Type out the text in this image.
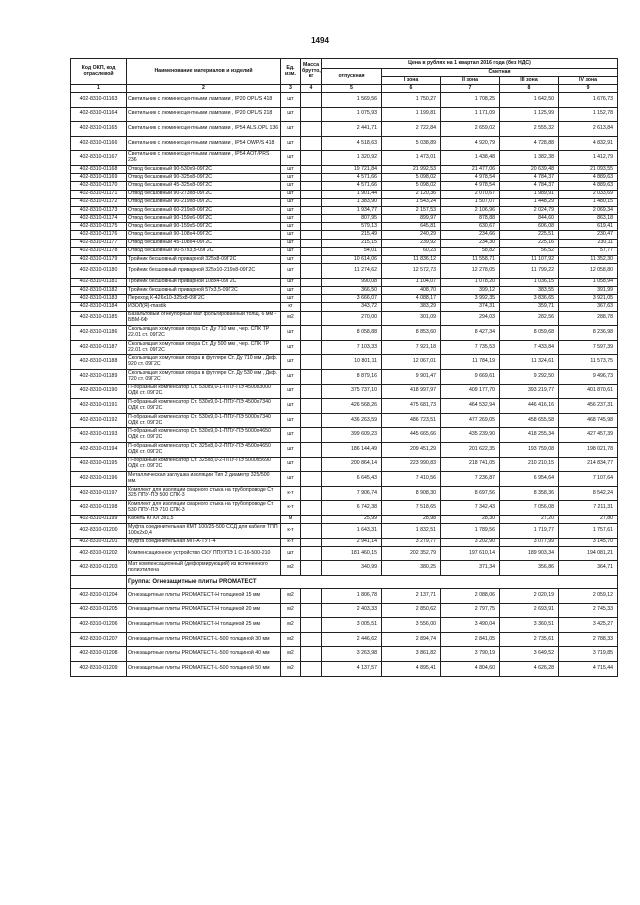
1494
Код ОКП, код отраслевой	Наименование материалов и изделий	Ед. изм.	Масса брутто, кг	Цена в рублях на 1 квартал 2016 года (без НДС)				
				отпускная	Сметная			
					I зона	II зона	III зона	IV зона
1	2	3	4	5	6	7	8	9
402-8310-01163	Светильник с люминесцентными лампами , IP20 OPL/S 418	шт		1 569,56	1 750,27	1 708,25	1 642,50	1 676,73
402-8310-01164	Светильник с люминесцентными лампами , IP20 OPL/S 218	шт		1 075,93	1 199,81	1 171,09	1 125,99	1 152,78
402-8310-01165	Светильник с люминесцентными лампами , IP54 ALS.OPL 136	шт		2 441,71	2 722,84	2 659,02	2 555,32	2 613,84
402-8310-01166	Светильник с люминесцентными лампами , IP54 OWP/S 418	шт		4 518,63	5 038,89	4 920,79	4 728,88	4 832,91
402-8310-01167	Светильник с люминесцентными лампами , IP54 AOT/PRS 236	шт		1 320,92	1 473,01	1 438,48	1 382,38	1 412,79
402-8310-01168	Отвод бесшовный 90-530х9-09Г2С	шт		19 721,84	21 992,53	21 477,06	20 639,48	21 093,55
402-8310-01169	Отвод бесшовный 90-325х8-09Г2С	шт		4 571,66	5 098,02	4 978,54	4 784,37	4 889,63
402-8310-01170	Отвод бесшовный 45-325х8-09Г2С	шт		4 571,66	5 098,02	4 978,54	4 784,37	4 889,63
402-8310-01171	Отвод бесшовный 90-273х8-09Г2С	шт		1 901,44	2 120,36	2 070,67	1 989,91	2 033,69
402-8310-01172	Отвод бесшовный 90-219х8-09Г2С	шт		1 383,90	1 543,24	1 507,07	1 448,29	1 480,15
402-8310-01173	Отвод бесшовный 60-219х8-09Г2С	шт		1 934,77	2 157,53	2 106,96	2 024,79	2 069,34
402-8310-01174	Отвод бесшовный 90-159х6-09Г2С	шт		807,95	899,97	878,88	844,60	863,18
402-8310-01175	Отвод бесшовный 90-159х5-09Г2С	шт		579,13	645,81	630,67	606,08	619,41
402-8310-01176	Отвод бесшовный 90-108х4-09Г2С	шт		215,49	240,29	234,66	225,51	230,47
402-8310-01177	Отвод бесшовный 45-108х4-09Г2С	шт		215,15	239,92	234,30	225,16	230,11
402-8310-01178	Отвод бесшовный 90-57х3,5-09Г2С	шт		54,01	60,23	58,82	56,52	57,77
402-8310-01179	Тройник бесшовный приварной 325х8-09Г2С	шт		10 614,06	11 836,12	11 558,71	11 107,92	11 352,30
402-8310-01180	Тройник бесшовный приварной 325х10-219х8-09Г2С	шт		11 274,62	12 572,73	12 278,05	11 799,22	12 058,80
402-8310-01181	Тройник бесшовный приварной 108х4-09Г2С	шт		990,08	1 104,07	1 078,20	1 036,15	1 058,94
402-8310-01182	Тройник бесшовный приварной 57х3,5-09Г2С	шт		366,50	408,70	399,12	383,55	391,99
402-8310-01183	Переход К-426х10-325х8-09Г2С	шт		3 666,07	4 088,17	3 992,35	3 836,65	3 921,05
402-8310-01184	ИЗОЛ(Я)-mastik	кг		343,72	383,29	374,31	359,71	367,63
402-8310-01185	Базальтовый огнеупорный мат фольгированный толщ. 6 мм - БВМ-6Ф	м2		270,00	301,09	294,03	282,56	288,78
402-8310-01186	Скользящая хомутовая опора Ст. Ду 710 мм , чер. СПК ТР 22.01 ст. 09Г2С	шт		8 058,88	8 853,60	8 427,34	8 059,68	8 236,98
402-8310-01187	Скользящая хомутовая опора Ст. Ду 500 мм , чер. СПК ТР 22.01 ст. 09Г2С	шт		7 103,33	7 921,18	7 735,53	7 433,84	7 597,39
402-8310-01188	Скользящая хомутовая опора в футляре Ст. Ду 710 мм , Дкф. 920 ст. 09Г2С	шт		10 801,11	12 067,01	11 784,19	11 324,61	11 573,75
402-8310-01189	Скользящая хомутовая опора в футляре Ст. Ду 530 мм , Дкф. 720 ст. 09Г2С	шт		8 879,16	9 901,47	9 669,61	9 292,50	9 496,73
402-8310-01190	П-образный компенсатор Ст. 530х9,0-1-ППУ-ПЭ 4500х3000 ОДК ст. 09Г2С	шт		375 737,10	418 997,97	409 177,70	393 219,77	401 870,61
402-8310-01191	П-образный компенсатор Ст. 530х9,0-1-ППУ-ПЭ 4500х7340 ОДК ст. 09Г2С	шт		426 568,26	475 681,73	464 532,94	446 416,16	456 237,31
402-8310-01192	П-образный компенсатор Ст. 530х9,0-1-ППУ-ПЭ 5000х7340 ОДК ст. 09Г2С	шт		436 263,59	486 723,51	477 269,05	458 655,58	468 745,98
402-8310-01193	П-образный компенсатор Ст. 530х9,0-1-ППУ-ПЭ 5000х4650 ОДК ст. 09Г2С	шт		399 609,23	445 665,66	435 239,90	418 255,34	427 457,39
402-8310-01194	П-образный компенсатор Ст. 325х8,0-2-ППУ-ПЭ 4500х4650 ОДК ст. 09Г2С	шт		186 144,49	209 451,29	201 622,35	193 759,08	198 021,78
402-8310-01195	П-образный компенсатор Ст. 325х8,0-2-ППУ-ПЭ 5000х5690 ОДК ст. 09Г2С	шт		200 864,14	223 990,83	218 741,05	210 210,15	214 834,77
402-8310-01196	Металлическая заглушка изоляции Тип 2 диаметр 325/500 мм.	шт		6 645,43	7 410,56	7 236,87	6 954,64	7 107,64
402-8310-01197	Комплект для изоляции сварного стыка на трубопроводе Ст 325 ППУ-ПЭ 500 СПК-3	к-т		7 906,74	8 908,30	8 697,56	8 358,36	8 542,24
402-8310-01198	Комплект для изоляции сварного стыка на трубопроводе Ст 530 ППУ-ПЭ 710 СПК-3	к-т		6 742,38	7 518,65	7 342,43	7 056,08	7 211,31
402-8310-01199	Кабель КГХЛ 3х1,5	м		25,99	28,98	28,30	27,20	27,80
402-8310-01200	Муфта соединительная КМТ 100/25-500 ССД для кабеля ТПП 100х2х0,4	к-т		1 643,31	1 832,51	1 789,56	1 719,77	1 757,61
402-8310-01201	Муфта соединительная МП-А-ТУТ-4	к-т		2 941,14	3 279,77	3 202,90	3 077,99	3 145,70
402-8310-01202	Компенсационное устройство СКУ ППУ/ПЭ 1 С-16-500-210	шт		181 460,15	202 352,79	197 610,14	189 903,34	194 081,21
402-8310-01203	Мат компенсационный (деформирующий) из вспененного полиэтилена	м2		340,99	380,25	371,34	356,86	364,71
	Группа: Огнезащитные плиты PROMATECT							
402-8310-01204	Огнезащитные плиты PROMATECT-H толщиной 15 мм	м2		1 806,78	2 137,71	2 088,06	2 020,19	2 059,12
402-8310-01205	Огнезащитные плиты PROMATECT-H толщиной 20 мм	м2		2 403,33	2 850,62	2 797,75	2 693,91	2 745,33
402-8310-01206	Огнезащитные плиты PROMATECT-H толщиной 25 мм	м2		3 005,51	3 556,00	3 490,04	3 360,51	3 425,27
402-8310-01207	Огнезащитные плиты PROMATECT-L-500 толщиной 30 мм	м2		2 446,62	2 894,74	2 841,05	2 735,61	2 788,33
402-8310-01208	Огнезащитные плиты PROMATECT-L-500 толщиной 40 мм	м2		3 263,98	3 861,82	3 790,19	3 649,52	3 719,85
402-8310-01209	Огнезащитные плиты PROMATECT-L-500 толщиной 50 мм	м2		4 137,57	4 895,41	4 804,60	4 626,28	4 715,44
